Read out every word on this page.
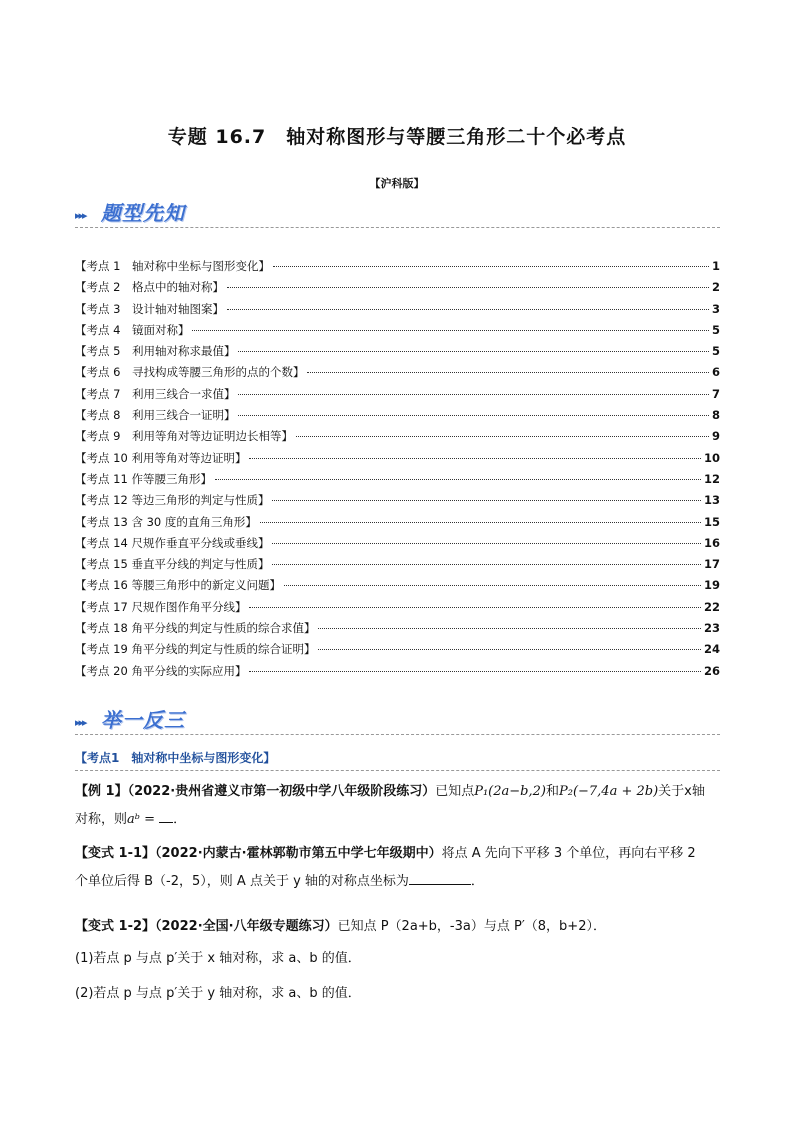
专题 16.7　轴对称图形与等腰三角形二十个必考点
【沪科版】
▸▸▸ 题型先知
【考点 1　轴对称中坐标与图形变化】	1
【考点 2　格点中的轴对称】	2
【考点 3　设计轴对轴图案】	3
【考点 4　镜面对称】	5
【考点 5　利用轴对称求最值】	5
【考点 6　寻找构成等腰三角形的点的个数】	6
【考点 7　利用三线合一求值】	7
【考点 8　利用三线合一证明】	8
【考点 9　利用等角对等边证明边长相等】	9
【考点 10 利用等角对等边证明】	10
【考点 11 作等腰三角形】	12
【考点 12 等边三角形的判定与性质】	13
【考点 13 含 30 度的直角三角形】	15
【考点 14 尺规作垂直平分线或垂线】	16
【考点 15 垂直平分线的判定与性质】	17
【考点 16 等腰三角形中的新定义问题】	19
【考点 17 尺规作图作角平分线】	22
【考点 18 角平分线的判定与性质的综合求值】	23
【考点 19 角平分线的判定与性质的综合证明】	24
【考点 20 角平分线的实际应用】	26
▸▸▸ 举一反三
【考点1　轴对称中坐标与图形变化】
【例 1】（2022·贵州省遵义市第一初级中学八年级阶段练习）已知点P₁(2a−b,2)和P₂(−7,4a + 2b)关于x轴
对称，则aᵇ = ．
【变式 1-1】（2022·内蒙古·霍林郭勒市第五中学七年级期中）将点 A 先向下平移 3 个单位，再向右平移 2
个单位后得 B（-2，5），则 A 点关于 y 轴的对称点坐标为	．
【变式 1-2】（2022·全国·八年级专题练习）已知点 P（2a+b，-3a）与点 P′（8，b+2）．
(1)若点 p 与点 p′关于 x 轴对称，求 a、b 的值．
(2)若点 p 与点 p′关于 y 轴对称，求 a、b 的值．
